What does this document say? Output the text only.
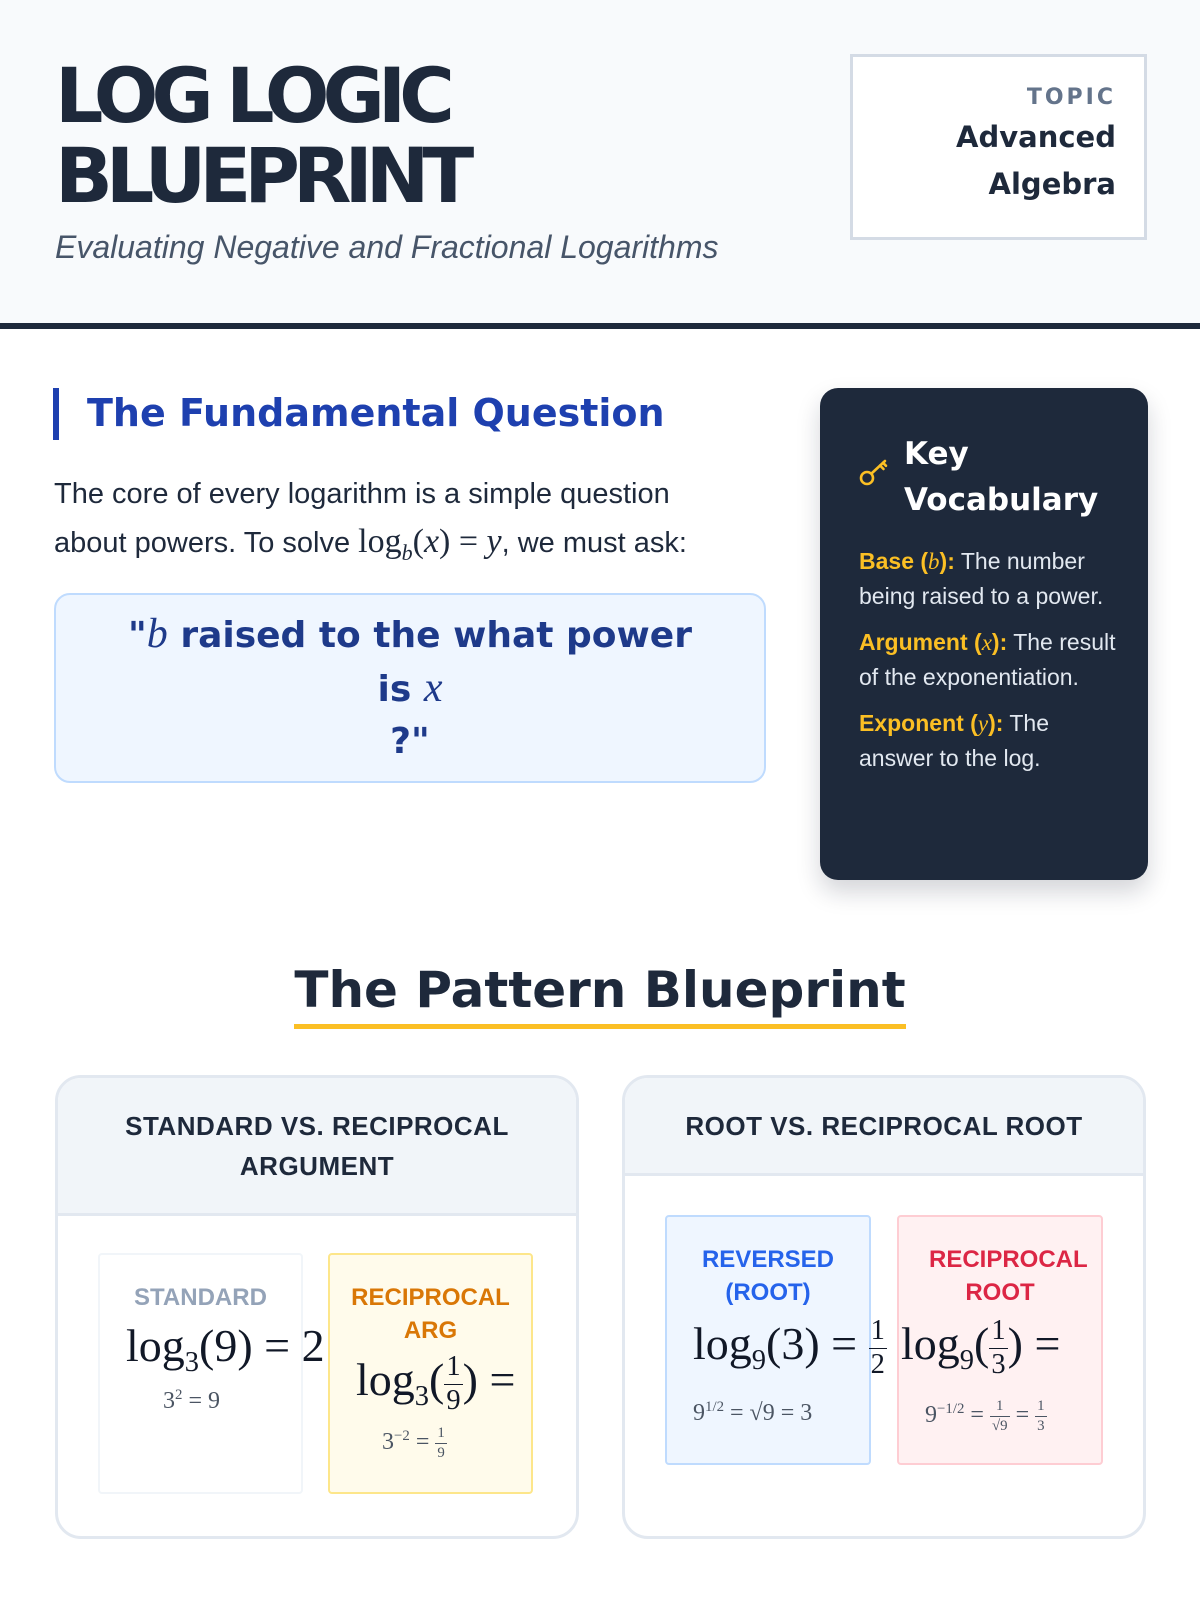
LOG LOGIC
BLUEPRINT
Evaluating Negative and Fractional Logarithms
TOPIC
Advanced
Algebra
The Fundamental Question
The core of every logarithm is a simple question
about powers. To solve $\log_b(x) = y$, we must ask:
"b raised to the what power is x
?"
Key Vocabulary
Base (b): The number being raised to a power.
Argument (x): The result of the exponentiation.
Exponent (y): The answer to the log.
The Pattern Blueprint
STANDARD VS. RECIPROCAL ARGUMENT
STANDARD
$\log_3(9) = 2$
$3^2 = 9$
RECIPROCAL ARG
$\log_3( \frac{1}{9}$ ) =
$3^{-2} = \frac{1}{9}$
ROOT VS. RECIPROCAL ROOT
REVERSED (ROOT)
$\log_9(3) = \frac{1}{2}$
$9^{1/2} = √9 = 3$
RECIPROCAL ROOT
$\log_9( \frac{1}{3}$ ) =
$9^{-1/2} = \frac{1}{√9} = \frac{1}{3}$
